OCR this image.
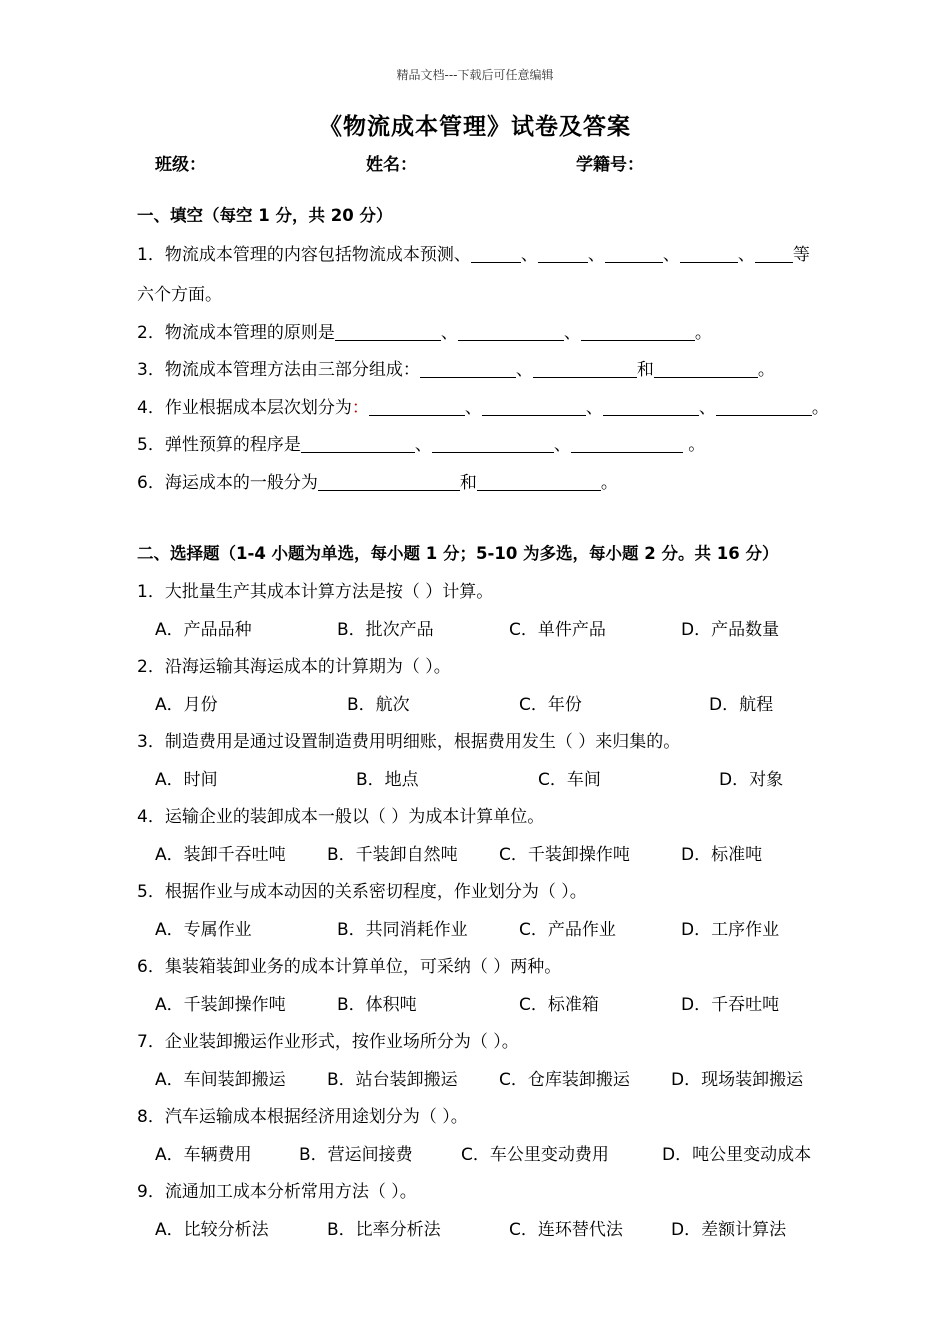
精品文档---下载后可任意编辑
《物流成本管理》试卷及答案
班级：	姓名：	学籍号：
一、填空（每空 1 分，共 20 分）
1．物流成本管理的内容包括物流成本预测、	、	、	、	、 等
六个方面。
2．物流成本管理的原则是	、	、	。
3．物流成本管理方法由三部分组成：	、	和	。
4．作业根据成本层次划分为：	、	、	、	。
5．弹性预算的程序是	、	、	。
6．海运成本的一般分为	和	。
二、选择题（1-4 小题为单选，每小题 1 分；5-10 为多选，每小题 2 分。共 16 分）
1．大批量生产其成本计算方法是按（ ）计算。
A．产品品种	B．批次产品	C．单件产品	D．产品数量
2．沿海运输其海运成本的计算期为（ ）。
A．月份	B．航次	C．年份	D．航程
3．制造费用是通过设置制造费用明细账，根据费用发生（ ）来归集的。
A．时间	B．地点	C．车间	D．对象
4．运输企业的装卸成本一般以（ ）为成本计算单位。
A．装卸千吞吐吨 B．千装卸自然吨 C．千装卸操作吨	D．标准吨
5．根据作业与成本动因的关系密切程度，作业划分为（ ）。
A．专属作业	B．共同消耗作业	C．产品作业	D．工序作业
6．集装箱装卸业务的成本计算单位，可采纳（ ）两种。
A．千装卸操作吨	B．体积吨	C．标准箱	D．千吞吐吨
7．企业装卸搬运作业形式，按作业场所分为（ ）。
A．车间装卸搬运 B．站台装卸搬运 C．仓库装卸搬运 D．现场装卸搬运
8．汽车运输成本根据经济用途划分为（ ）。
A．车辆费用	B．营运间接费	C．车公里变动费用	D．吨公里变动成本
9．流通加工成本分析常用方法（ ）。
A．比较分析法	B．比率分析法	C．连环替代法	D．差额计算法
